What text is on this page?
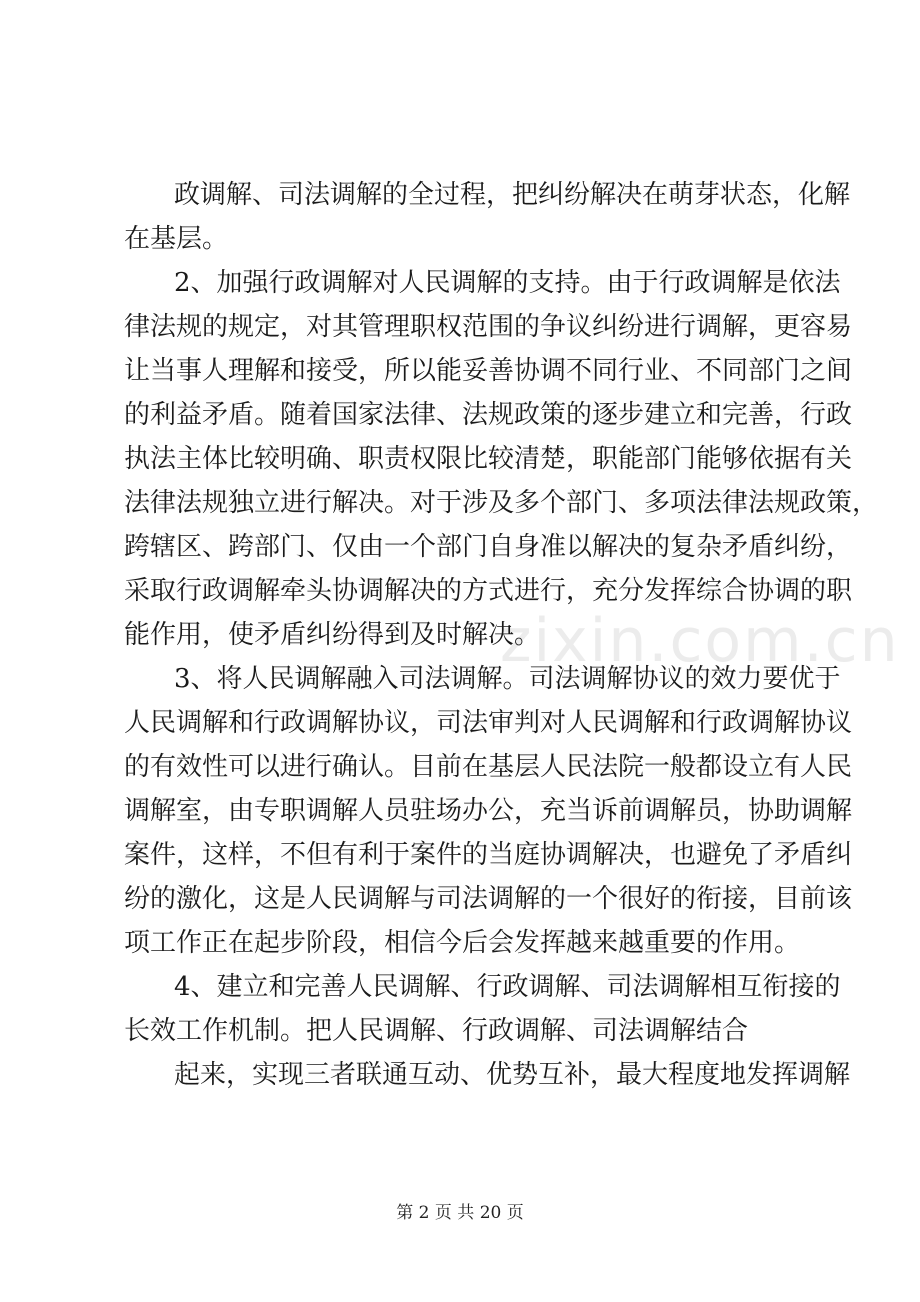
zixin.com.cn
政调解、司法调解的全过程，把纠纷解决在萌芽状态，化解
在基层。
2、加强行政调解对人民调解的支持。由于行政调解是依法
律法规的规定，对其管理职权范围的争议纠纷进行调解，更容易
让当事人理解和接受，所以能妥善协调不同行业、不同部门之间
的利益矛盾。随着国家法律、法规政策的逐步建立和完善，行政
执法主体比较明确、职责权限比较清楚，职能部门能够依据有关
法律法规独立进行解决。对于涉及多个部门、多项法律法规政策，
跨辖区、跨部门、仅由一个部门自身准以解决的复杂矛盾纠纷，
采取行政调解牵头协调解决的方式进行，充分发挥综合协调的职
能作用，使矛盾纠纷得到及时解决。
3、将人民调解融入司法调解。司法调解协议的效力要优于
人民调解和行政调解协议，司法审判对人民调解和行政调解协议
的有效性可以进行确认。目前在基层人民法院一般都设立有人民
调解室，由专职调解人员驻场办公，充当诉前调解员，协助调解
案件，这样，不但有利于案件的当庭协调解决，也避免了矛盾纠
纷的激化，这是人民调解与司法调解的一个很好的衔接，目前该
项工作正在起步阶段，相信今后会发挥越来越重要的作用。
4、建立和完善人民调解、行政调解、司法调解相互衔接的
长效工作机制。把人民调解、行政调解、司法调解结合
起来，实现三者联通互动、优势互补，最大程度地发挥调解
第 2 页 共 20 页
